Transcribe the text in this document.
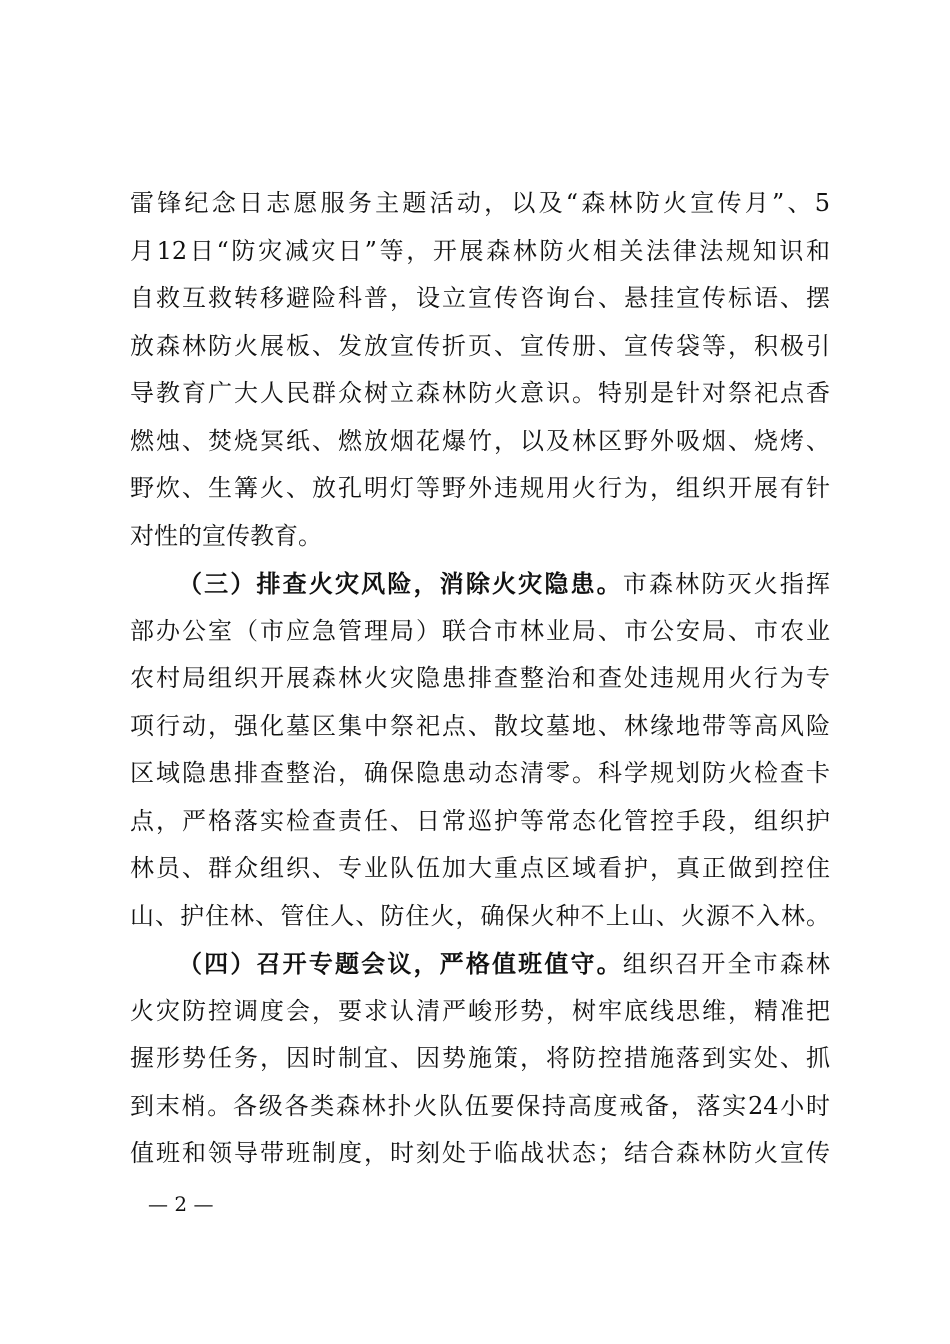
雷锋纪念日志愿服务主题活动，以及“森林防火宣传月”、5
月12日“防灾减灾日”等，开展森林防火相关法律法规知识和
自救互救转移避险科普，设立宣传咨询台、悬挂宣传标语、摆
放森林防火展板、发放宣传折页、宣传册、宣传袋等，积极引
导教育广大人民群众树立森林防火意识。特别是针对祭祀点香
燃烛、焚烧冥纸、燃放烟花爆竹，以及林区野外吸烟、烧烤、
野炊、生篝火、放孔明灯等野外违规用火行为，组织开展有针
对性的宣传教育。
（三）排查火灾风险，消除火灾隐患。市森林防灭火指挥
部办公室（市应急管理局）联合市林业局、市公安局、市农业
农村局组织开展森林火灾隐患排查整治和查处违规用火行为专
项行动，强化墓区集中祭祀点、散坟墓地、林缘地带等高风险
区域隐患排查整治，确保隐患动态清零。科学规划防火检查卡
点，严格落实检查责任、日常巡护等常态化管控手段，组织护
林员、群众组织、专业队伍加大重点区域看护，真正做到控住
山、护住林、管住人、防住火，确保火种不上山、火源不入林。
（四）召开专题会议，严格值班值守。组织召开全市森林
火灾防控调度会，要求认清严峻形势，树牢底线思维，精准把
握形势任务，因时制宜、因势施策，将防控措施落到实处、抓
到末梢。各级各类森林扑火队伍要保持高度戒备，落实24小时
值班和领导带班制度，时刻处于临战状态；结合森林防火宣传
— 2 —
